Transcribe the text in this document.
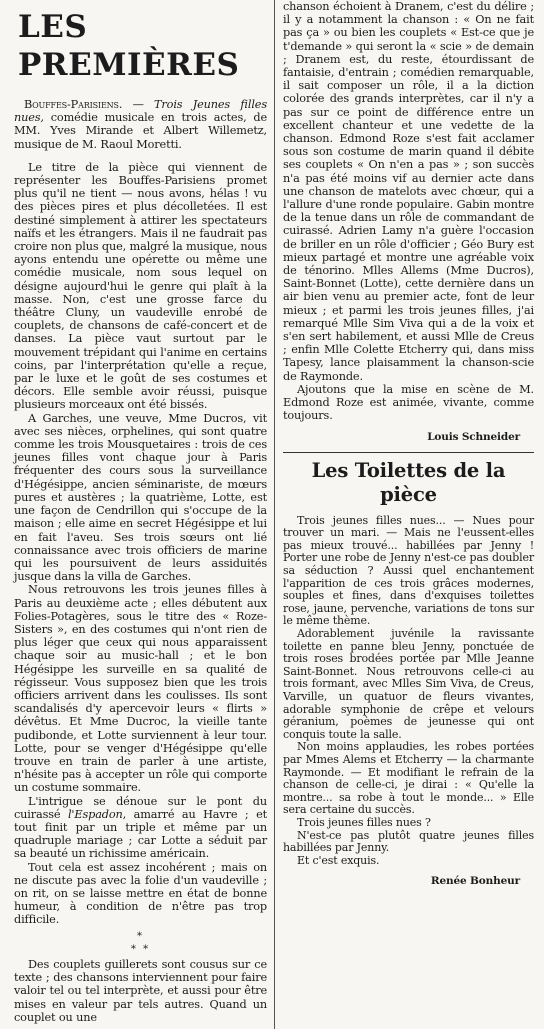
LES PREMIÈRES
Bouffes-Parisiens. — Trois Jeunes filles nues, comédie musicale en trois actes, de MM. Yves Mirande et Albert Willemetz, musique de M. Raoul Moretti.

Le titre de la pièce qui viennent de représenter les Bouffes-Parisiens promet plus qu'il ne tient — nous avons, hélas ! vu des pièces pires et plus décolletées. Il est destiné simplement à attirer les spectateurs naïfs et les étrangers. Mais il ne faudrait pas croire non plus que, malgré la musique, nous ayons entendu une opérette ou même une comédie musicale, nom sous lequel on désigne aujourd'hui le genre qui plaît à la masse. Non, c'est une grosse farce du théâtre Cluny, un vaudeville enrobé de couplets, de chansons de café-concert et de danses. La pièce vaut surtout par le mouvement trépidant qui l'anime en certains coins, par l'interprétation qu'elle a reçue, par le luxe et le goût de ses costumes et décors. Elle semble avoir réussi, puisque plusieurs morceaux ont été bissés.

A Garches, une veuve, Mme Ducros, vit avec ses nièces, orphelines, qui sont quatre comme les trois Mousquetaires : trois de ces jeunes filles vont chaque jour à Paris fréquenter des cours sous la surveillance d'Hégésippe, ancien séminariste, de mœurs pures et austères ; la quatrième, Lotte, est une façon de Cendrillon qui s'occupe de la maison ; elle aime en secret Hégésippe et lui en fait l'aveu. Ses trois sœurs ont lié connaissance avec trois officiers de marine qui les poursuivent de leurs assiduités jusque dans la villa de Garches.

Nous retrouvons les trois jeunes filles à Paris au deuxième acte ; elles débutent aux Folies-Potagères, sous le titre des « Roze-Sisters », en des costumes qui n'ont rien de plus léger que ceux qui nous apparaissent chaque soir au music-hall ; et le bon Hégésippe les surveille en sa qualité de régisseur. Vous supposez bien que les trois officiers arrivent dans les coulisses. Ils sont scandalisés d'y apercevoir leurs « flirts » dévêtus. Et Mme Ducroc, la vieille tante pudibonde, et Lotte surviennent à leur tour. Lotte, pour se venger d'Hégésippe qu'elle trouve en train de parler à une artiste, n'hésite pas à accepter un rôle qui comporte un costume sommaire.

L'intrigue se dénoue sur le pont du cuirassé l'Espadon, amarré au Havre ; et tout finit par un triple et même par un quadruple mariage ; car Lotte a séduit par sa beauté un richissime américain.

Tout cela est assez incohérent ; mais on ne discute pas avec la folie d'un vaudeville ; on rit, on se laisse mettre en état de bonne humeur, à condition de n'être pas trop difficile.

*
* *

Des couplets guillerets sont cousus sur ce texte ; des chansons interviennent pour faire valoir tel ou tel interprète, et aussi pour être mises en valeur par tels autres. Quand un couplet ou une

chanson échoient à Dranem, c'est du délire ; il y a notamment la chanson : « On ne fait pas ça » ou bien les couplets « Est-ce que je t'demande » qui seront la « scie » de demain ; Dranem est, du reste, étourdissant de fantaisie, d'entrain ; comédien remarquable, il sait composer un rôle, il a la diction colorée des grands interprètes, car il n'y a pas sur ce point de différence entre un excellent chanteur et une vedette de la chanson. Edmond Roze s'est fait acclamer sous son costume de marin quand il débite ses couplets « On n'en a pas » ; son succès n'a pas été moins vif au dernier acte dans une chanson de matelots avec chœur, qui a l'allure d'une ronde populaire. Gabin montre de la tenue dans un rôle de commandant de cuirassé. Adrien Lamy n'a guère l'occasion de briller en un rôle d'officier ; Géo Bury est mieux partagé et montre une agréable voix de ténorino. Mlles Allems (Mme Ducros), Saint-Bonnet (Lotte), cette dernière dans un air bien venu au premier acte, font de leur mieux ; et parmi les trois jeunes filles, j'ai remarqué Mlle Sim Viva qui a de la voix et s'en sert habilement, et aussi Mlle de Creus ; enfin Mlle Colette Etcherry qui, dans miss Tapesy, lance plaisamment la chanson-scie de Raymonde.

Ajoutons que la mise en scène de M. Edmond Roze est animée, vivante, comme toujours.

Louis Schneider
Les Toilettes de la pièce

Trois jeunes filles nues... — Nues pour trouver un mari. — Mais ne l'eussent-elles pas mieux trouvé... habillées par Jenny ! Porter une robe de Jenny n'est-ce pas doubler sa séduction ? Aussi quel enchantement l'apparition de ces trois grâces modernes, souples et fines, dans d'exquises toilettes rose, jaune, pervenche, variations de tons sur le même thème.

Adorablement juvénile la ravissante toilette en panne bleu Jenny, ponctuée de trois roses brodées portée par Mlle Jeanne Saint-Bonnet. Nous retrouvons celle-ci au trois formant, avec Mlles Sim Viva, de Creus, Varville, un quatuor de fleurs vivantes, adorable symphonie de crêpe et velours géranium, poèmes de jeunesse qui ont conquis toute la salle.

Non moins applaudies, les robes portées par Mmes Alems et Etcherry — la charmante Raymonde. — Et modifiant le refrain de la chanson de celle-ci, je dirai : « Qu'elle la montre... sa robe à tout le monde... » Elle sera certaine du succès.

Trois jeunes filles nues ?

N'est-ce pas plutôt quatre jeunes filles habillées par Jenny.

Et c'est exquis.

Renée Bonheur
